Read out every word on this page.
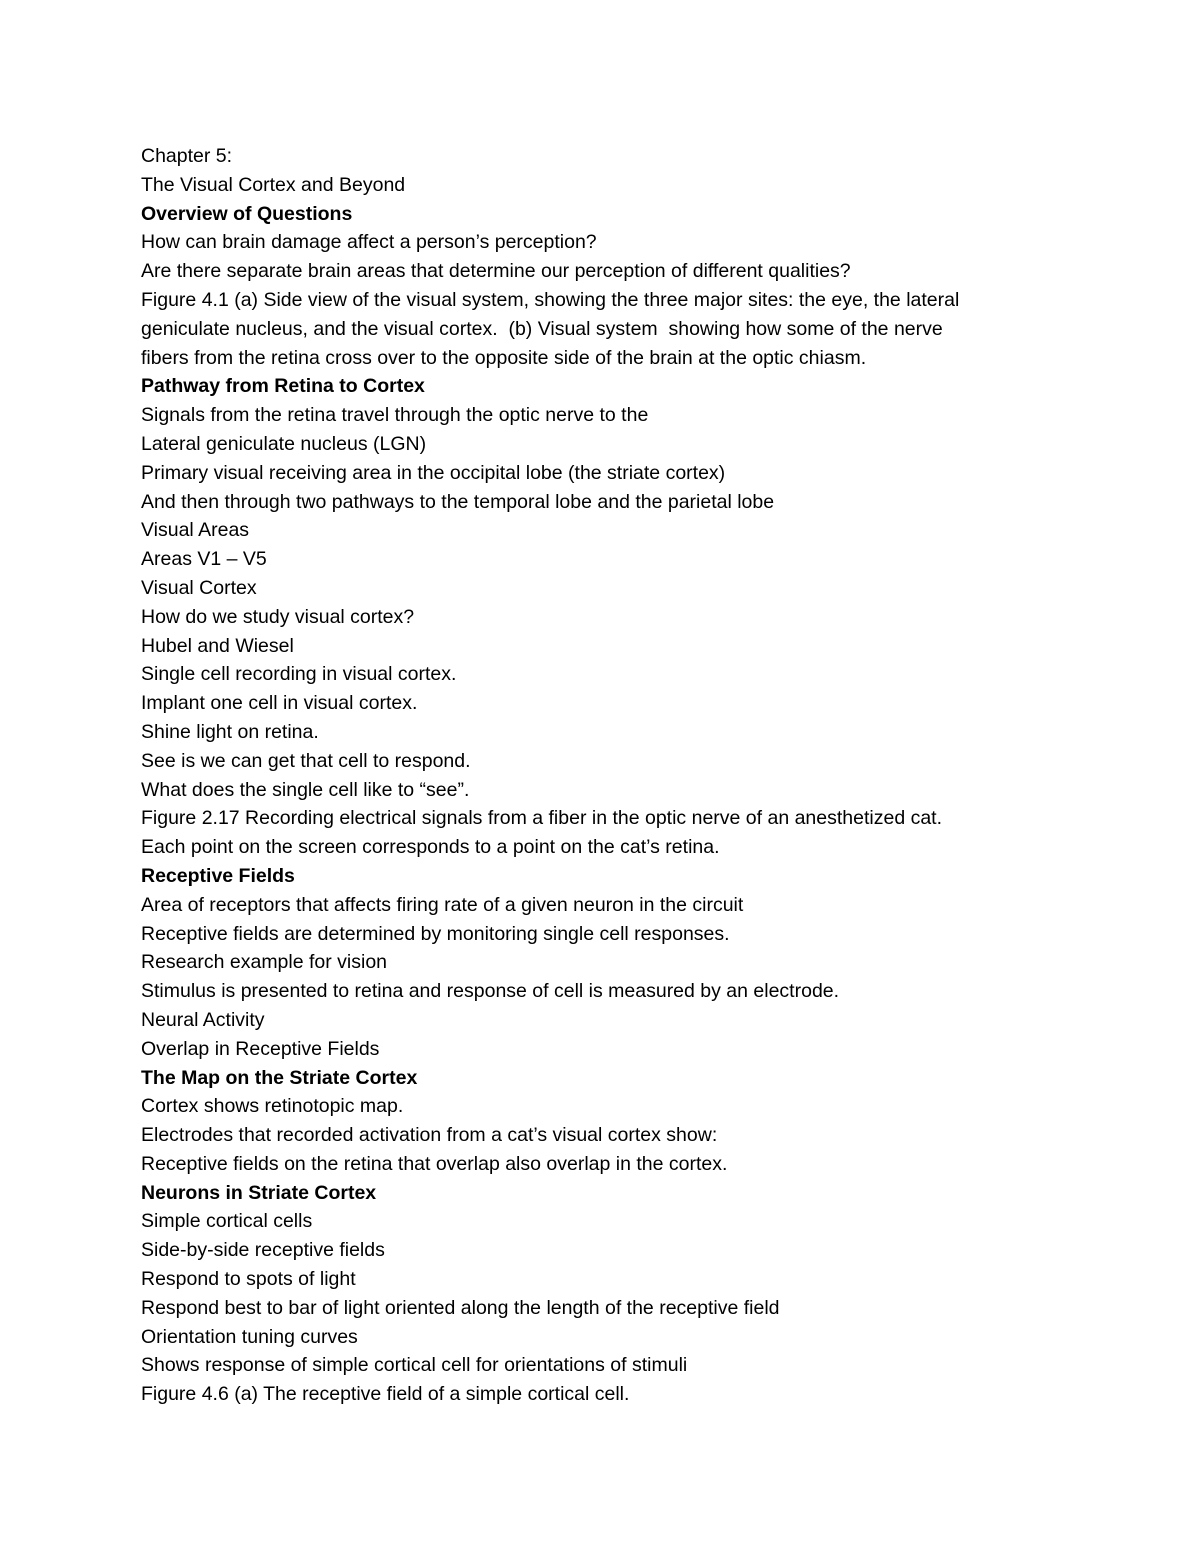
Chapter 5:
The Visual Cortex and Beyond
Overview of Questions
How can brain damage affect a person’s perception?
Are there separate brain areas that determine our perception of different qualities?
Figure 4.1 (a) Side view of the visual system, showing the three major sites: the eye, the lateral
geniculate nucleus, and the visual cortex.  (b) Visual system  showing how some of the nerve
fibers from the retina cross over to the opposite side of the brain at the optic chiasm.
Pathway from Retina to Cortex
Signals from the retina travel through the optic nerve to the
Lateral geniculate nucleus (LGN)
Primary visual receiving area in the occipital lobe (the striate cortex)
And then through two pathways to the temporal lobe and the parietal lobe
Visual Areas
Areas V1 – V5
Visual Cortex
How do we study visual cortex?
Hubel and Wiesel
Single cell recording in visual cortex.
Implant one cell in visual cortex.
Shine light on retina.
See is we can get that cell to respond.
What does the single cell like to “see”.
Figure 2.17 Recording electrical signals from a fiber in the optic nerve of an anesthetized cat.
Each point on the screen corresponds to a point on the cat’s retina.
Receptive Fields
Area of receptors that affects firing rate of a given neuron in the circuit
Receptive fields are determined by monitoring single cell responses.
Research example for vision
Stimulus is presented to retina and response of cell is measured by an electrode.
Neural Activity
Overlap in Receptive Fields
The Map on the Striate Cortex
Cortex shows retinotopic map.
Electrodes that recorded activation from a cat’s visual cortex show:
Receptive fields on the retina that overlap also overlap in the cortex.
Neurons in Striate Cortex
Simple cortical cells
Side-by-side receptive fields
Respond to spots of light
Respond best to bar of light oriented along the length of the receptive field
Orientation tuning curves
Shows response of simple cortical cell for orientations of stimuli
Figure 4.6 (a) The receptive field of a simple cortical cell.
